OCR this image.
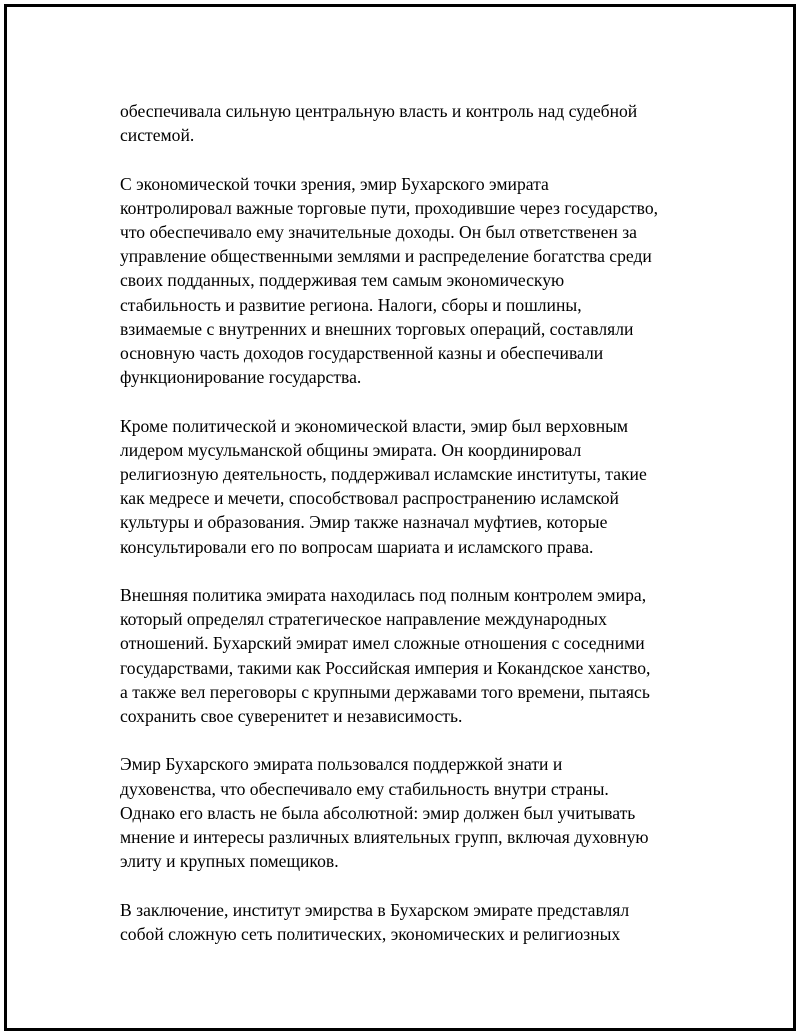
обеспечивала сильную центральную власть и контроль над судебной
системой.

С экономической точки зрения, эмир Бухарского эмирата
контролировал важные торговые пути, проходившие через государство,
что обеспечивало ему значительные доходы. Он был ответственен за
управление общественными землями и распределение богатства среди
своих подданных, поддерживая тем самым экономическую
стабильность и развитие региона. Налоги, сборы и пошлины,
взимаемые с внутренних и внешних торговых операций, составляли
основную часть доходов государственной казны и обеспечивали
функционирование государства.

Кроме политической и экономической власти, эмир был верховным
лидером мусульманской общины эмирата. Он координировал
религиозную деятельность, поддерживал исламские институты, такие
как медресе и мечети, способствовал распространению исламской
культуры и образования. Эмир также назначал муфтиев, которые
консультировали его по вопросам шариата и исламского права.

Внешняя политика эмирата находилась под полным контролем эмира,
который определял стратегическое направление международных
отношений. Бухарский эмират имел сложные отношения с соседними
государствами, такими как Российская империя и Кокандское ханство,
а также вел переговоры с крупными державами того времени, пытаясь
сохранить свое суверенитет и независимость.

Эмир Бухарского эмирата пользовался поддержкой знати и
духовенства, что обеспечивало ему стабильность внутри страны.
Однако его власть не была абсолютной: эмир должен был учитывать
мнение и интересы различных влиятельных групп, включая духовную
элиту и крупных помещиков.

В заключение, институт эмирства в Бухарском эмирате представлял
собой сложную сеть политических, экономических и религиозных
